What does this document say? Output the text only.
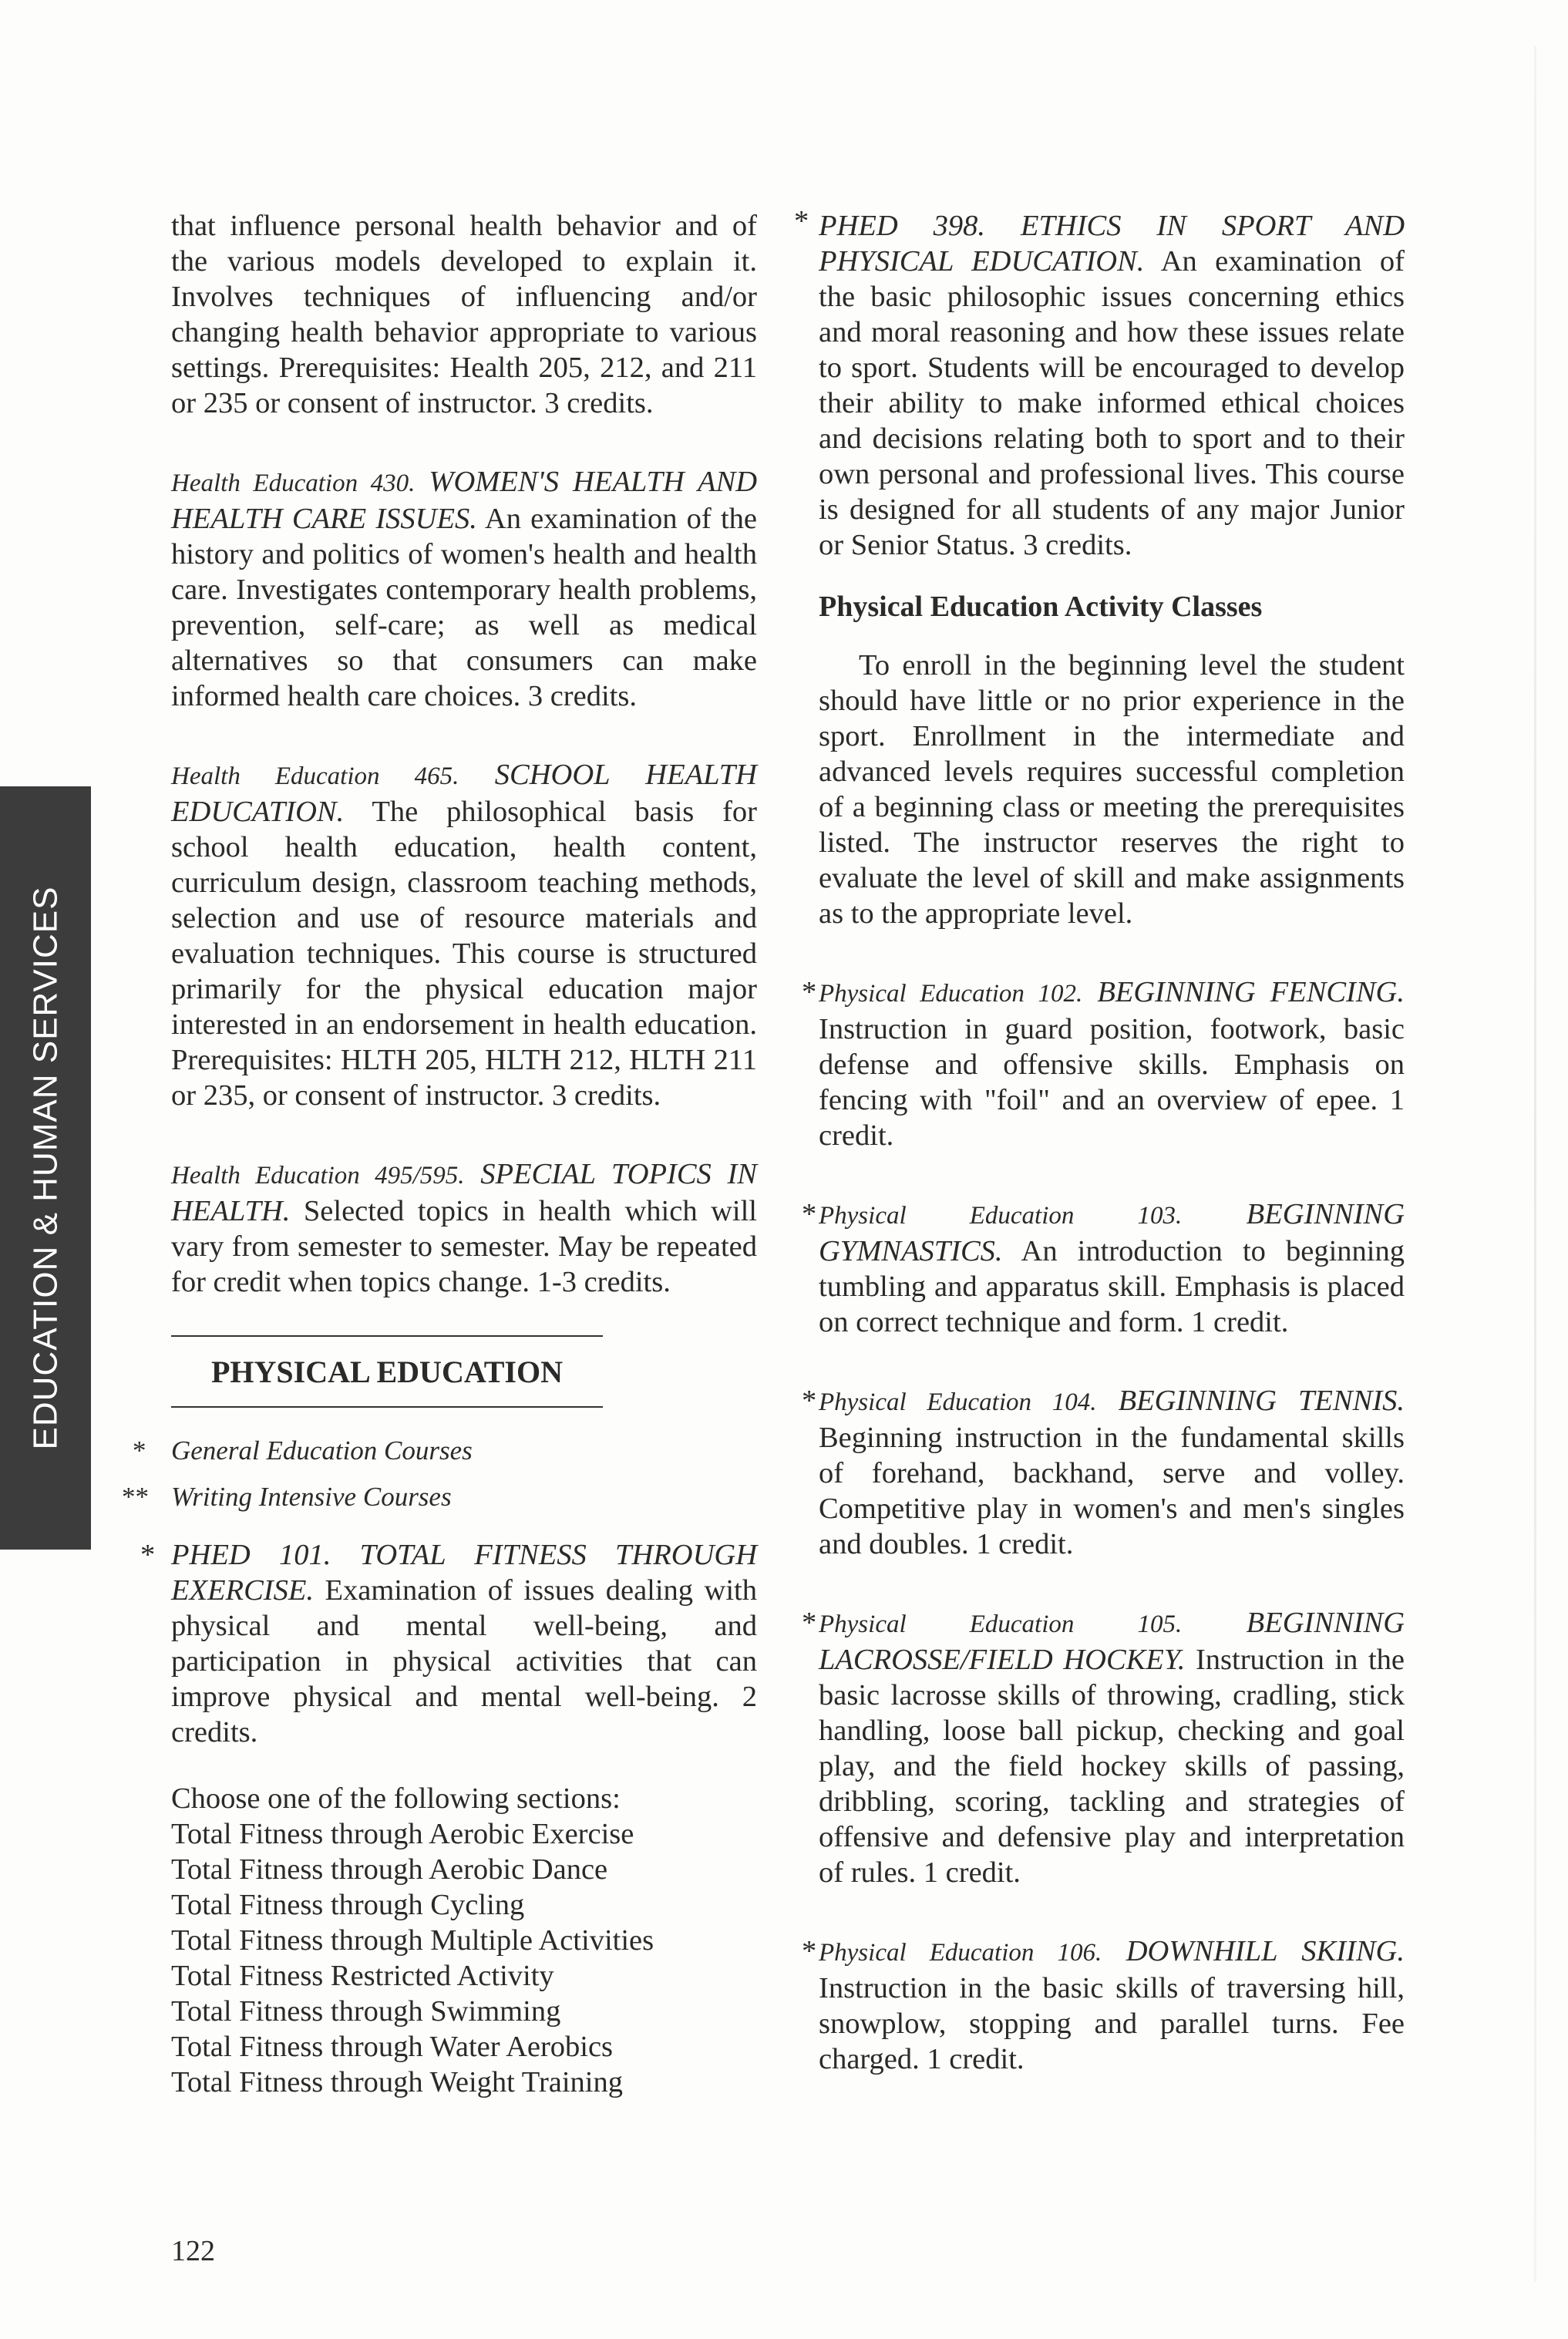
EDUCATION & HUMAN SERVICES

that influence personal health behavior and of the various models developed to explain it. Involves techniques of influencing and/or changing health behavior appropriate to various settings. Prerequisites: Health 205, 212, and 211 or 235 or consent of instructor. 3 credits.

Health Education 430. WOMEN'S HEALTH AND HEALTH CARE ISSUES. An examination of the history and politics of women's health and health care. Investigates contemporary health problems, prevention, self-care; as well as medical alternatives so that consumers can make informed health care choices. 3 credits.

Health Education 465. SCHOOL HEALTH EDUCATION. The philosophical basis for school health education, health content, curriculum design, classroom teaching methods, selection and use of resource materials and evaluation techniques. This course is structured primarily for the physical education major interested in an endorsement in health education. Prerequisites: HLTH 205, HLTH 212, HLTH 211 or 235, or consent of instructor. 3 credits.

Health Education 495/595. SPECIAL TOPICS IN HEALTH. Selected topics in health which will vary from semester to semester. May be repeated for credit when topics change. 1-3 credits.

PHYSICAL EDUCATION

* General Education Courses

** Writing Intensive Courses

* PHED 101. TOTAL FITNESS THROUGH EXERCISE. Examination of issues dealing with physical and mental well-being, and participation in physical activities that can improve physical and mental well-being. 2 credits.

Choose one of the following sections:
Total Fitness through Aerobic Exercise
Total Fitness through Aerobic Dance
Total Fitness through Cycling
Total Fitness through Multiple Activities
Total Fitness Restricted Activity
Total Fitness through Swimming
Total Fitness through Water Aerobics
Total Fitness through Weight Training
122

* PHED 398. ETHICS IN SPORT AND PHYSICAL EDUCATION. An examination of the basic philosophic issues concerning ethics and moral reasoning and how these issues relate to sport. Students will be encouraged to develop their ability to make informed ethical choices and decisions relating both to sport and to their own personal and professional lives. This course is designed for all students of any major Junior or Senior Status. 3 credits.

Physical Education Activity Classes

To enroll in the beginning level the student should have little or no prior experience in the sport. Enrollment in the intermediate and advanced levels requires successful completion of a beginning class or meeting the prerequisites listed. The instructor reserves the right to evaluate the level of skill and make assignments as to the appropriate level.

* Physical Education 102. BEGINNING FENCING. Instruction in guard position, footwork, basic defense and offensive skills. Emphasis on fencing with "foil" and an overview of epee. 1 credit.

* Physical Education 103. BEGINNING GYMNASTICS. An introduction to beginning tumbling and apparatus skill. Emphasis is placed on correct technique and form. 1 credit.

* Physical Education 104. BEGINNING TENNIS. Beginning instruction in the fundamental skills of forehand, backhand, serve and volley. Competitive play in women's and men's singles and doubles. 1 credit.

* Physical Education 105. BEGINNING LACROSSE/FIELD HOCKEY. Instruction in the basic lacrosse skills of throwing, cradling, stick handling, loose ball pickup, checking and goal play, and the field hockey skills of passing, dribbling, scoring, tackling and strategies of offensive and defensive play and interpretation of rules. 1 credit.

* Physical Education 106. DOWNHILL SKIING. Instruction in the basic skills of traversing hill, snowplow, stopping and parallel turns. Fee charged. 1 credit.
